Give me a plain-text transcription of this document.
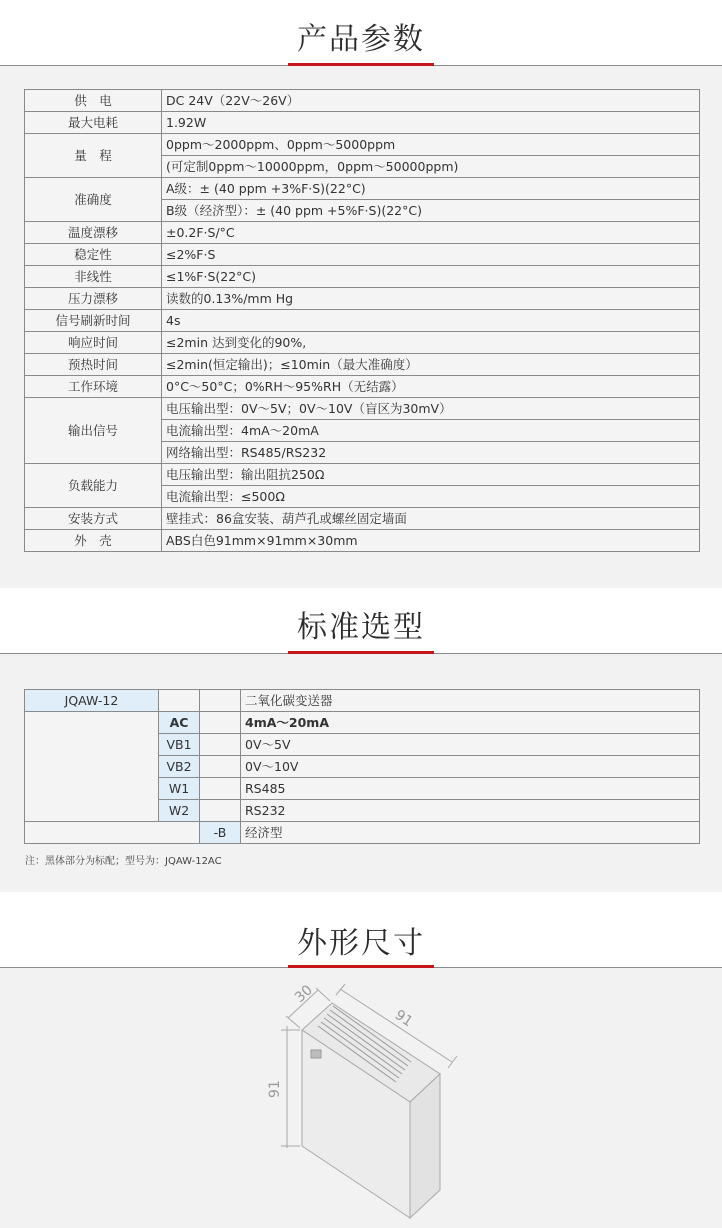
产品参数
供　电	DC 24V（22V～26V）
最大电耗	1.92W
量　程	0ppm～2000ppm、0ppm～5000ppm
	(可定制0ppm～10000ppm，0ppm～50000ppm)
准确度	A级：± (40 ppm +3%F·S)(22°C)
	B级（经济型）：± (40 ppm +5%F·S)(22°C)
温度漂移	±0.2F·S/°C
稳定性	≤2%F·S
非线性	≤1%F·S(22°C)
压力漂移	读数的0.13%/mm Hg
信号刷新时间	4s
响应时间	≤2min 达到变化的90%,
预热时间	≤2min(恒定输出)；≤10min（最大准确度）
工作环境	0°C～50°C；0%RH～95%RH（无结露）
输出信号	电压输出型：0V～5V；0V～10V（盲区为30mV）
	电流输出型：4mA～20mA
	网络输出型：RS485/RS232
负载能力	电压输出型：输出阻抗250Ω
	电流输出型：≤500Ω
安装方式	壁挂式：86盒安装、葫芦孔或螺丝固定墙面
外　壳	ABS白色91mm×91mm×30mm
标准选型
JQAW-12			二氧化碳变送器
	AC		4mA～20mA
	VB1		0V～5V
	VB2		0V～10V
	W1		RS485
	W2		RS232
		-B	经济型
注：黑体部分为标配；型号为：JQAW-12AC
外形尺寸
30
91
91
